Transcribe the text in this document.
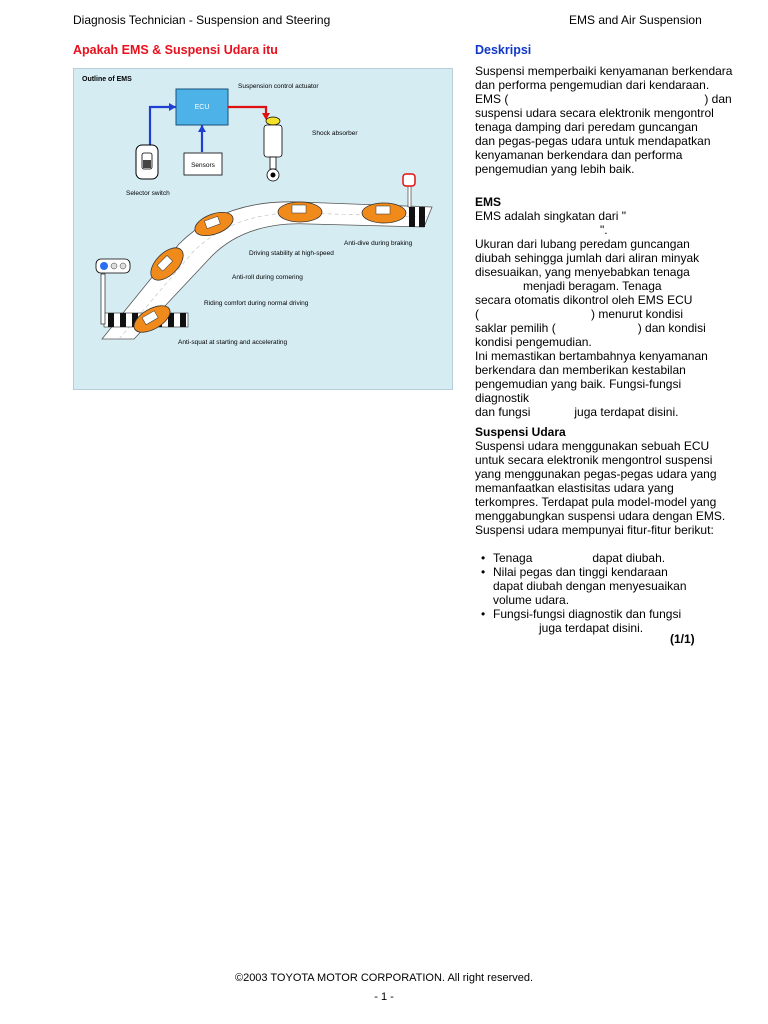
Diagnosis Technician - Suspension and Steering	EMS and Air Suspension
Apakah EMS & Suspensi Udara itu	Deskripsi
Outline of EMS
ECU
Sensors
Suspension control actuator
Shock absorber
Selector switch
Anti-dive during braking
Driving stability at high-speed
Anti-roll during cornering
Riding comfort during normal driving
Anti-squat at starting and accelerating

Suspensi memperbaiki kenyamanan berkendara

dan performa pengemudian dari kendaraan.

EMS (	) dan

suspensi udara secara elektronik mengontrol

tenaga damping dari peredam guncangan

dan pegas-pegas udara untuk mendapatkan

kenyamanan berkendara dan performa

pengemudian yang lebih baik.

EMS

EMS adalah singkatan dari "

".

Ukuran dari lubang peredam guncangan

diubah sehingga jumlah dari aliran minyak

disesuaikan, yang menyebabkan tenaga

menjadi beragam. Tenaga

secara otomatis dikontrol oleh EMS ECU

(	) menurut kondisi

saklar pemilih (	) dan kondisi

kondisi pengemudian.

Ini memastikan bertambahnya kenyamanan

berkendara dan memberikan kestabilan

pengemudian yang baik. Fungsi-fungsi diagnostik

dan fungsi	juga terdapat disini.

Suspensi Udara

Suspensi udara menggunakan sebuah ECU

untuk secara elektronik mengontrol suspensi

yang menggunakan pegas-pegas udara yang

memanfaatkan elastisitas udara yang

terkompres. Terdapat pula model-model yang

menggabungkan suspensi udara dengan EMS.

Suspensi udara mempunyai fitur-fitur berikut:

• Tenaga	dapat diubah.
• Nilai pegas dan tinggi kendaraan
dapat diubah dengan menyesuaikan
volume udara.
• Fungsi-fungsi diagnostik dan fungsi
juga terdapat disini.
(1/1)
©2003 TOYOTA MOTOR CORPORATION. All right reserved.
- 1 -
